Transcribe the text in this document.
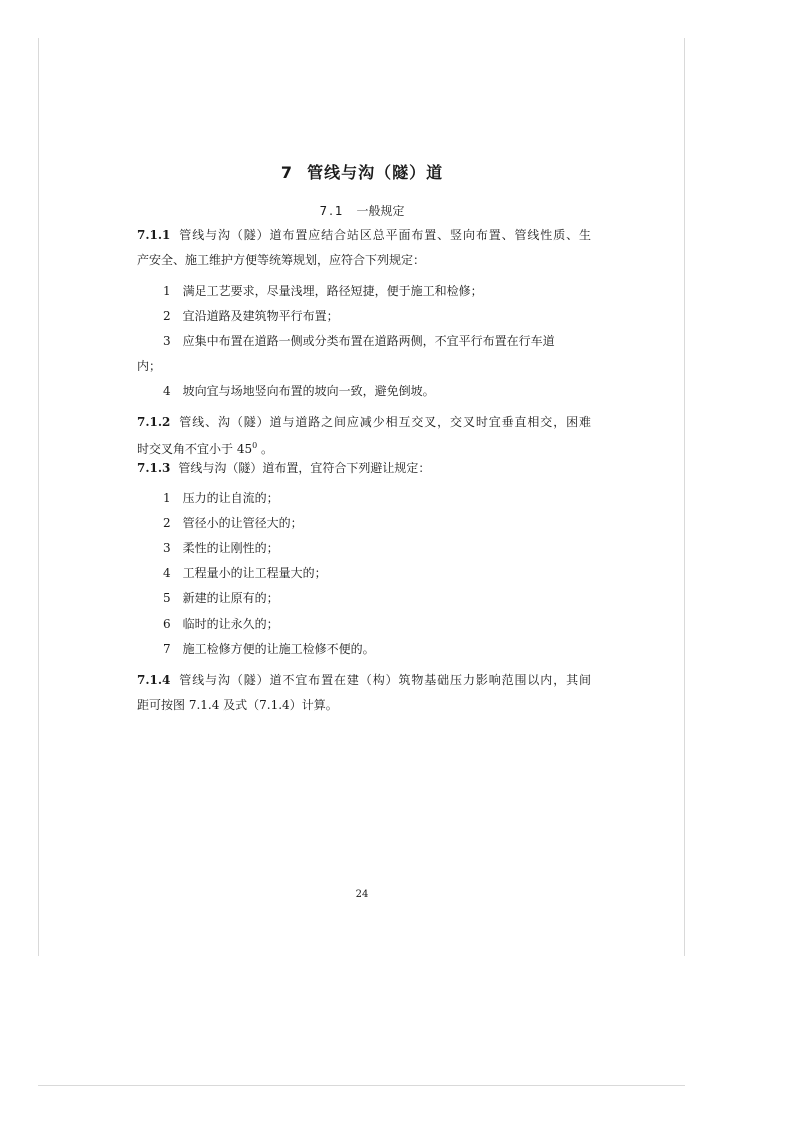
7 管线与沟（隧）道
7.1 一般规定
7.1.1 管线与沟（隧）道布置应结合站区总平面布置、竖向布置、管线性质、生
产安全、施工维护方便等统筹规划，应符合下列规定：
1 满足工艺要求，尽量浅埋，路径短捷，便于施工和检修；
2 宜沿道路及建筑物平行布置；
3 应集中布置在道路一侧或分类布置在道路两侧，不宜平行布置在行车道
内；
4 坡向宜与场地竖向布置的坡向一致，避免倒坡。
7.1.2 管线、沟（隧）道与道路之间应减少相互交叉，交叉时宜垂直相交，困难
时交叉角不宜小于 $45^0$ 。
7.1.3 管线与沟（隧）道布置，宜符合下列避让规定：
1 压力的让自流的；
2 管径小的让管径大的；
3 柔性的让刚性的；
4 工程量小的让工程量大的；
5 新建的让原有的；
6 临时的让永久的；
7 施工检修方便的让施工检修不便的。
7.1.4 管线与沟（隧）道不宜布置在建（构）筑物基础压力影响范围以内，其间
距可按图 7.1.4 及式（7.1.4）计算。
24
